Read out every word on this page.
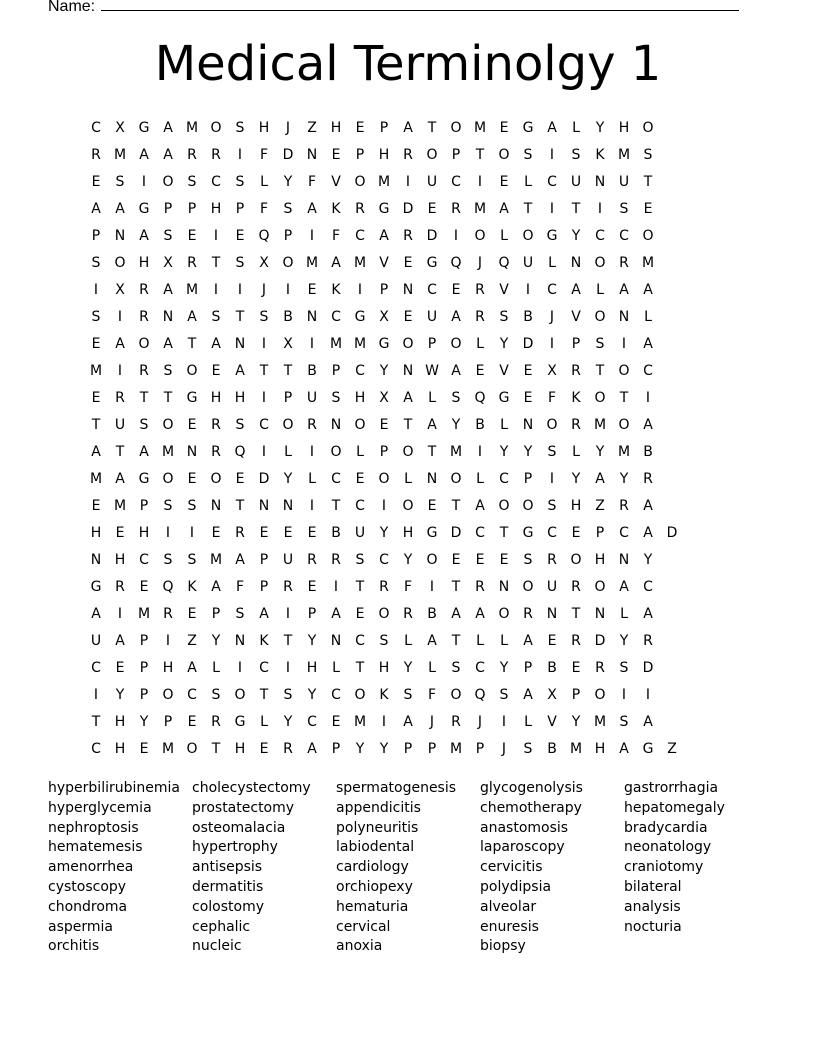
Name:
Medical Terminolgy 1
C	X G A M O	S	H	J	Z H	E	P	A	T	O M E	G A	L	Y	H O
R M A	A	R	R	I	F	D N	E	P	H R O	P	T	O	S	I	S	K M S
E	S	I	O	S	C	S	L	Y	F	V O M	I	U C	I	E	L	C U N U	T
A	A G	P	P	H	P	F	S	A	K	R G D	E	R M A	T	I	T	I	S	E
P	N A	S	E	I	E	Q	P	I	F	C	A	R D	I	O	L	O G	Y	C	C O
S	O H X	R	T	S	X O M A M V	E	G Q	J	Q U	L	N O R M
I	X	R	A M	I	I	J	I	E	K	I	P	N C	E	R	V	I	C	A	L	A	A
S	I	R N A	S	T	S	B N C G X	E	U	A	R	S	B	J	V O N	L
E	A O A	T	A N	I	X	I	M M G O	P	O	L	Y	D	I	P	S	I	A
M	I	R	S	O	E	A	T	T	B	P	C	Y	N W A	E	V	E	X	R	T	O C
E	R	T	T	G H H	I	P	U	S	H X	A	L	S	Q G	E	F	K O	T	I
T	U	S	O	E	R	S	C O R N O	E	T	A	Y	B	L	N O R M O A
A	T	A M N R Q	I	L	I	O	L	P	O	T M	I	Y	Y	S	L	Y M B
M A G O	E	O	E	D	Y	L	C	E	O	L	N O	L	C	P	I	Y	A	Y	R
E M P	S	S	N	T	N N	I	T	C	I	O	E	T	A O O	S	H Z	R	A
H	E	H	I	I	E	R	E	E	E	B	U	Y	H G D C	T	G C	E	P	C	A D
N H C	S	S M A	P	U	R	R	S	C	Y	O	E	E	E	S	R O H N	Y
G R	E	Q K	A	F	P	R	E	I	T	R	F	I	T	R N O U	R O A	C
A	I	M R	E	P	S	A	I	P	A	E	O R	B	A	A O R N	T	N	L	A
U	A	P	I	Z	Y	N	K	T	Y	N C	S	L	A	T	L	L	A	E	R D	Y	R
C	E	P	H A	L	I	C	I	H	L	T	H	Y	L	S	C	Y	P	B	E	R	S	D
I	Y	P	O C	S	O	T	S	Y	C O K	S	F	O Q	S	A	X	P	O	I	I
T	H	Y	P	E	R G	L	Y	C	E M	I	A	J	R	J	I	L	V	Y M S	A
C H	E M O	T	H	E	R	A	P	Y	Y	P	P M P	J	S	B M H A G Z
hyperbilirubinemia
hyperglycemia
nephroptosis
hematemesis
amenorrhea
cystoscopy
chondroma
aspermia
orchitis
cholecystectomy
prostatectomy
osteomalacia
hypertrophy
antisepsis
dermatitis
colostomy
cephalic
nucleic
spermatogenesis
appendicitis
polyneuritis
labiodental
cardiology
orchiopexy
hematuria
cervical
anoxia
glycogenolysis
chemotherapy
anastomosis
laparoscopy
cervicitis
polydipsia
alveolar
enuresis
biopsy
gastrorrhagia
hepatomegaly
bradycardia
neonatology
craniotomy
bilateral
analysis
nocturia
